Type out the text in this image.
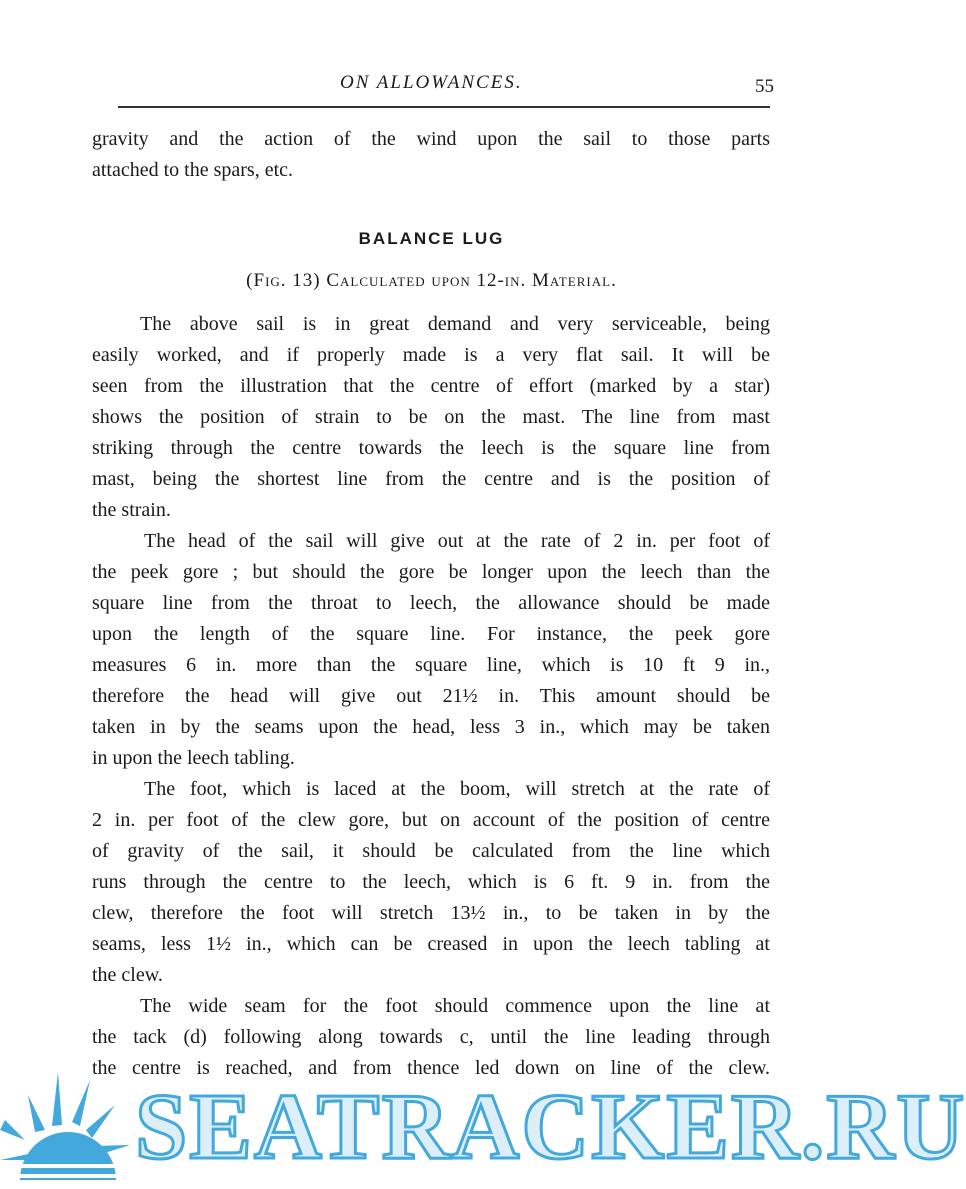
ON ALLOWANCES.	55
gravity and the action of the wind upon the sail to those parts
attached to the spars, etc.
BALANCE LUG
(Fig. 13) Calculated upon 12-in. Material.
The above sail is in great demand and very serviceable, being
easily worked, and if properly made is a very flat sail. It will be
seen from the illustration that the centre of effort (marked by a star)
shows the position of strain to be on the mast. The line from mast
striking through the centre towards the leech is the square line from
mast, being the shortest line from the centre and is the position of
the strain.
The head of the sail will give out at the rate of 2 in. per foot of
the peek gore ; but should the gore be longer upon the leech than the
square line from the throat to leech, the allowance should be made
upon the length of the square line. For instance, the peek gore
measures 6 in. more than the square line, which is 10 ft 9 in.,
therefore the head will give out 21½ in. This amount should be
taken in by the seams upon the head, less 3 in., which may be taken
in upon the leech tabling.
The foot, which is laced at the boom, will stretch at the rate of
2 in. per foot of the clew gore, but on account of the position of centre
of gravity of the sail, it should be calculated from the line which
runs through the centre to the leech, which is 6 ft. 9 in. from the
clew, therefore the foot will stretch 13½ in., to be taken in by the
seams, less 1½ in., which can be creased in upon the leech tabling at
the clew.
The wide seam for the foot should commence upon the line at
the tack (d) following along towards c, until the line leading through
the centre is reached, and from thence led down on line of the clew.
SEATRACKER.RU
